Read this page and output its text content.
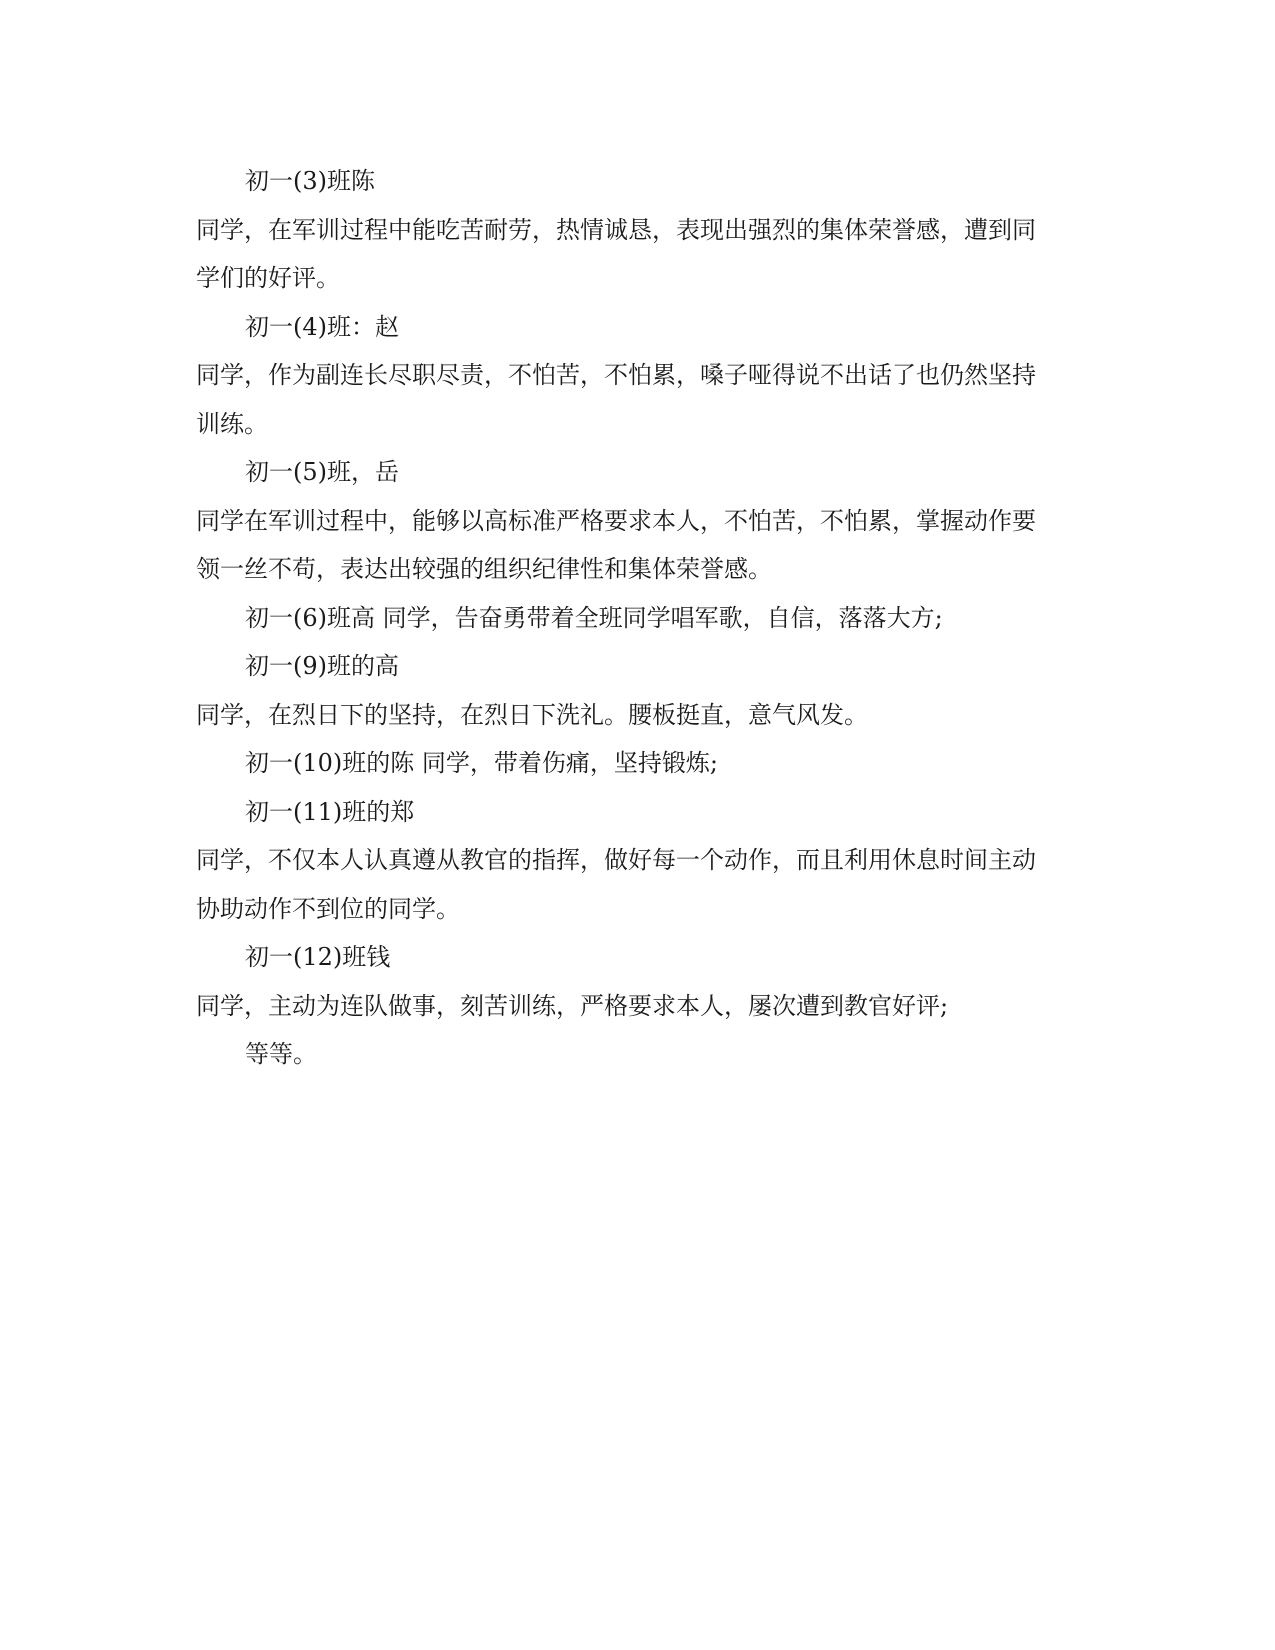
初一(3)班陈

同学，在军训过程中能吃苦耐劳，热情诚恳，表现出强烈的集体荣誉感，遭到同

学们的好评。

初一(4)班：赵

同学，作为副连长尽职尽责，不怕苦，不怕累，嗓子哑得说不出话了也仍然坚持

训练。

初一(5)班，岳

同学在军训过程中，能够以高标准严格要求本人，不怕苦，不怕累，掌握动作要

领一丝不苟，表达出较强的组织纪律性和集体荣誉感。

初一(6)班高 同学，告奋勇带着全班同学唱军歌，自信，落落大方;

初一(9)班的高

同学，在烈日下的坚持，在烈日下洗礼。腰板挺直，意气风发。

初一(10)班的陈 同学，带着伤痛，坚持锻炼;

初一(11)班的郑

同学，不仅本人认真遵从教官的指挥，做好每一个动作，而且利用休息时间主动

协助动作不到位的同学。

初一(12)班钱

同学，主动为连队做事，刻苦训练，严格要求本人，屡次遭到教官好评;

等等。
